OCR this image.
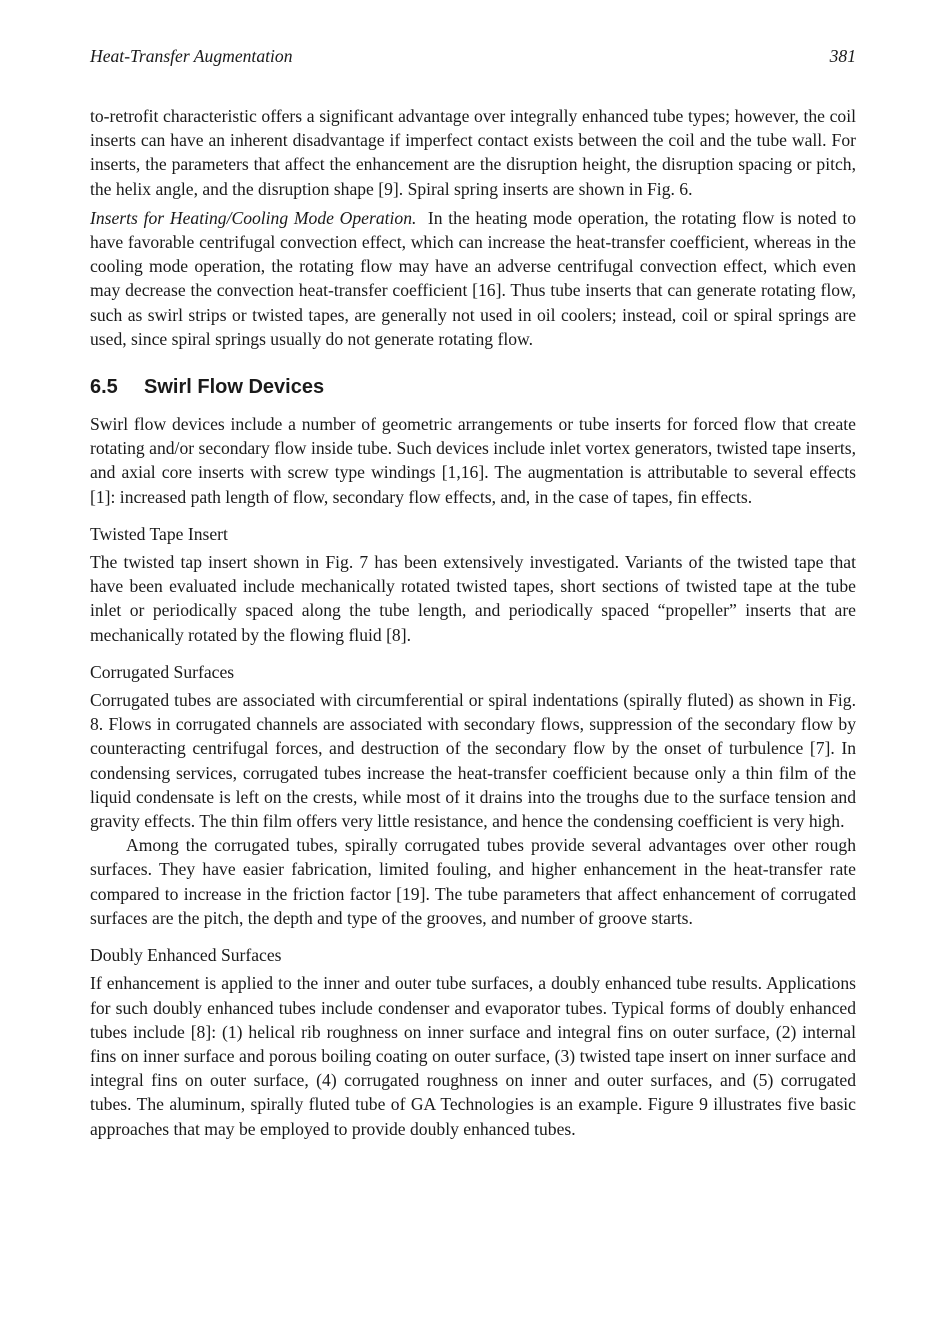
Heat-Transfer Augmentation	381

to-retrofit characteristic offers a significant advantage over integrally enhanced tube types; however, the coil inserts can have an inherent disadvantage if imperfect contact exists between the coil and the tube wall. For inserts, the parameters that affect the enhancement are the disruption height, the disruption spacing or pitch, the helix angle, and the disruption shape [9]. Spiral spring inserts are shown in Fig. 6.

Inserts for Heating/Cooling Mode Operation. In the heating mode operation, the rotating flow is noted to have favorable centrifugal convection effect, which can increase the heat-transfer coefficient, whereas in the cooling mode operation, the rotating flow may have an adverse centrifugal convection effect, which even may decrease the convection heat-transfer coefficient [16]. Thus tube inserts that can generate rotating flow, such as swirl strips or twisted tapes, are generally not used in oil coolers; instead, coil or spiral springs are used, since spiral springs usually do not generate rotating flow.

6.5 Swirl Flow Devices

Swirl flow devices include a number of geometric arrangements or tube inserts for forced flow that create rotating and/or secondary flow inside tube. Such devices include inlet vortex generators, twisted tape inserts, and axial core inserts with screw type windings [1,16]. The augmentation is attributable to several effects [1]: increased path length of flow, secondary flow effects, and, in the case of tapes, fin effects.

Twisted Tape Insert

The twisted tap insert shown in Fig. 7 has been extensively investigated. Variants of the twisted tape that have been evaluated include mechanically rotated twisted tapes, short sections of twisted tape at the tube inlet or periodically spaced along the tube length, and periodically spaced “propeller” inserts that are mechanically rotated by the flowing fluid [8].

Corrugated Surfaces

Corrugated tubes are associated with circumferential or spiral indentations (spirally fluted) as shown in Fig. 8. Flows in corrugated channels are associated with secondary flows, suppression of the secondary flow by counteracting centrifugal forces, and destruction of the secondary flow by the onset of turbulence [7]. In condensing services, corrugated tubes increase the heat-transfer coefficient because only a thin film of the liquid condensate is left on the crests, while most of it drains into the troughs due to the surface tension and gravity effects. The thin film offers very little resistance, and hence the condensing coefficient is very high.

Among the corrugated tubes, spirally corrugated tubes provide several advantages over other rough surfaces. They have easier fabrication, limited fouling, and higher enhancement in the heat-transfer rate compared to increase in the friction factor [19]. The tube parameters that affect enhancement of corrugated surfaces are the pitch, the depth and type of the grooves, and number of groove starts.

Doubly Enhanced Surfaces

If enhancement is applied to the inner and outer tube surfaces, a doubly enhanced tube results. Applications for such doubly enhanced tubes include condenser and evaporator tubes. Typical forms of doubly enhanced tubes include [8]: (1) helical rib roughness on inner surface and integral fins on outer surface, (2) internal fins on inner surface and porous boiling coating on outer surface, (3) twisted tape insert on inner surface and integral fins on outer surface, (4) corrugated roughness on inner and outer surfaces, and (5) corrugated tubes. The aluminum, spirally fluted tube of GA Technologies is an example. Figure 9 illustrates five basic approaches that may be employed to provide doubly enhanced tubes.
